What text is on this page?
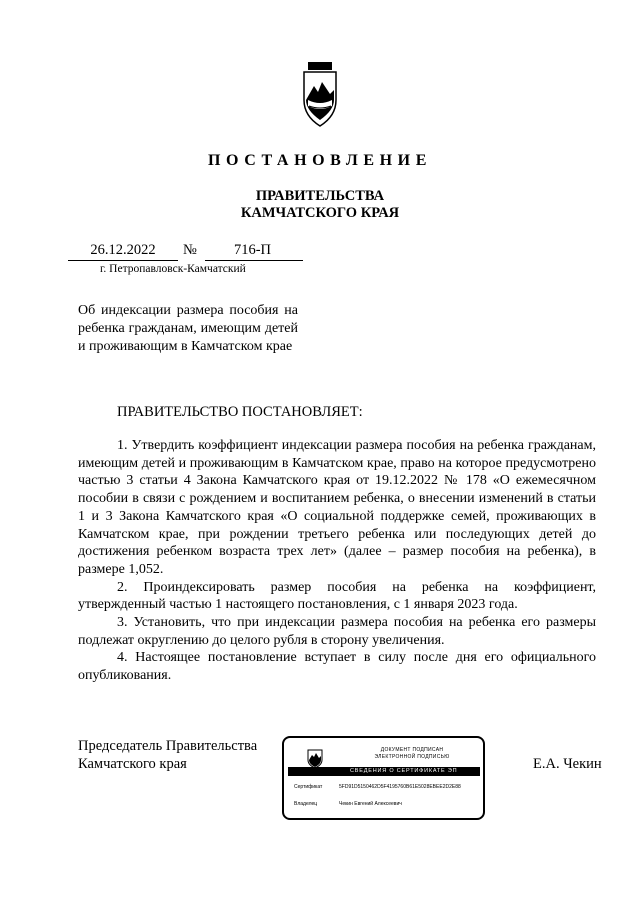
ПОСТАНОВЛЕНИЕ
ПРАВИТЕЛЬСТВА
КАМЧАТСКОГО КРАЯ
26.12.2022	№	716-П
г. Петропавловск-Камчатский
Об индексации размера пособия на ребенка гражданам, имеющим детей и проживающим в Камчатском крае
ПРАВИТЕЛЬСТВО ПОСТАНОВЛЯЕТ:

1. Утвердить коэффициент индексации размера пособия на ребенка гражданам, имеющим детей и проживающим в Камчатском крае, право на которое предусмотрено частью 3 статьи 4 Закона Камчатского края от 19.12.2022 № 178 «О ежемесячном пособии в связи с рождением и воспитанием ребенка, о внесении изменений в статьи 1 и 3 Закона Камчатского края «О социальной поддержке семей, проживающих в Камчатском крае, при рождении третьего ребенка или последующих детей до достижения ребенком возраста трех лет» (далее – размер пособия на ребенка), в размере 1,052.

2. Проиндексировать размер пособия на ребенка на коэффициент, утвержденный частью 1 настоящего постановления, с 1 января 2023 года.

3. Установить, что при индексации размера пособия на ребенка его размеры подлежат округлению до целого рубля в сторону увеличения.

4. Настоящее постановление вступает в силу после дня его официального опубликования.

Председатель Правительства
Камчатского края
ДОКУМЕНТ ПОДПИСАН
ЭЛЕКТРОННОЙ ПОДПИСЬЮ
СВЕДЕНИЯ О СЕРТИФИКАТЕ ЭП
Сертификат	5FD91D5150462D5F4195760B61E5028EBEE2D2E88
Владелец	Чекин Евгений Алексеевич
Е.А. Чекин
